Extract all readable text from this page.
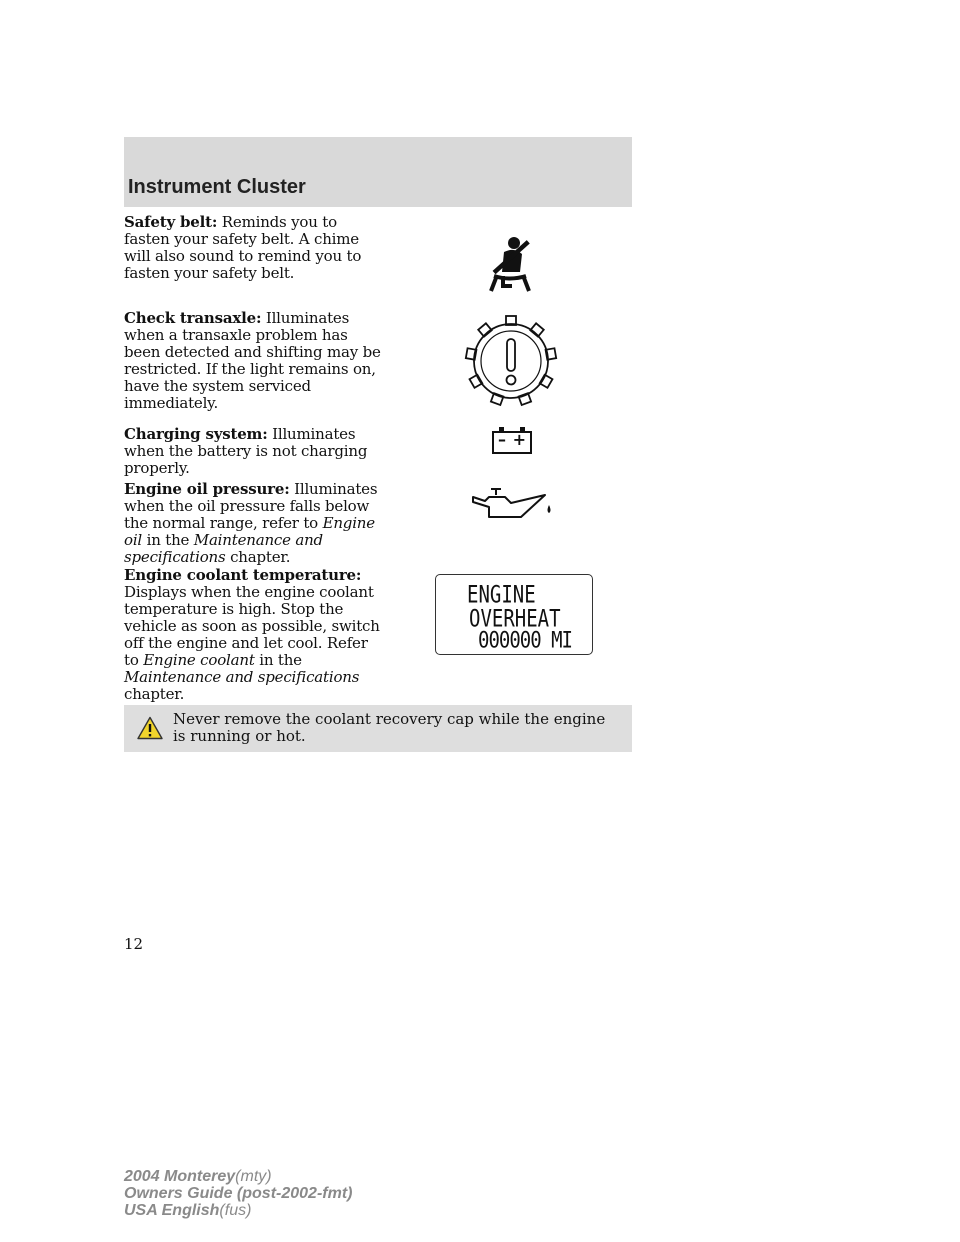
Instrument Cluster
Safety belt: Reminds you to fasten your safety belt. A chime will also sound to remind you to fasten your safety belt.
Check transaxle: Illuminates when a transaxle problem has been detected and shifting may be restricted. If the light remains on, have the system serviced immediately.
Charging system: Illuminates when the battery is not charging properly.
– +
Engine oil pressure: Illuminates when the oil pressure falls below the normal range, refer to Engine oil in the Maintenance and specifications chapter.
Engine coolant temperature: Displays when the engine coolant temperature is high. Stop the vehicle as soon as possible, switch off the engine and let cool. Refer to Engine coolant in the Maintenance and specifications chapter.
ENGINE
OVERHEAT
000000 MI
Never remove the coolant recovery cap while the engine is running or hot.
12
2004 Monterey(mty)
Owners Guide (post-2002-fmt)
USA English(fus)
